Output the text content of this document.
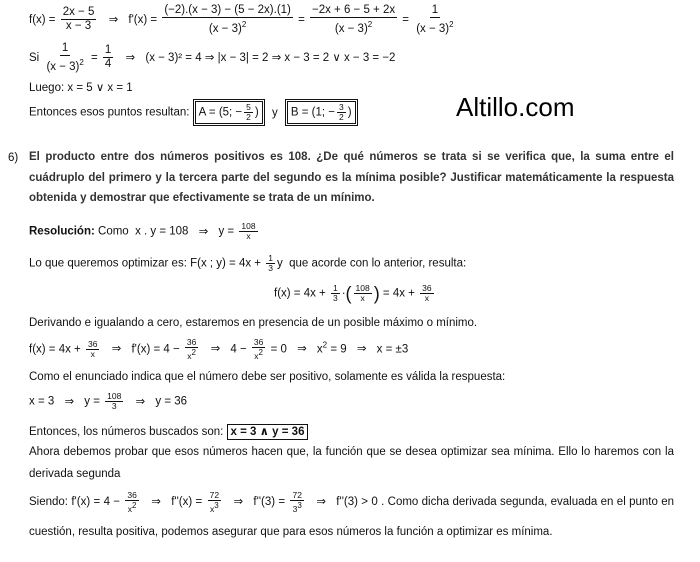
Altillo.com
$f(x) = \frac{2x - 5}{x - 3}$ ⇒ $f'(x) = \frac{(-2).(x - 3) - (5 - 2x).(1)}{(x - 3)^2} = \frac{-2x + 6 - 5 + 2x}{(x - 3)^2} = \frac{1}{(x - 3)^2}$
Si $\frac{1}{(x - 3)^2} = \frac{1}{4}$ ⇒ (x − 3)² = 4 ⇒ |x − 3| = 2 ⇒ x − 3 = 2 ∨ x − 3 = −2
Luego: x = 5 ∨ x = 1
Entonces esos puntos resultan: A = (5; − $\frac{5}{2}$ ) y B = (1; − $\frac{3}{2}$ )
6) El producto entre dos números positivos es 108. ¿De qué números se trata si se verifica que, la suma entre el cuádruplo del primero y la tercera parte del segundo es la mínima posible? Justificar matemáticamente la respuesta obtenida y demostrar que efectivamente se trata de un mínimo.
Resolución: Como  x . y = 108 ⇒ $y = \frac{108}{x}$
Lo que queremos optimizar es: F(x ; $y) = 4x + \frac{1}{3}$ y  que acorde con lo anterior, resulta:
$f(x) = 4x + \frac{1}{3}$ ·( $\frac{108}{x}$ ) = $4x + \frac{36}{x}$
Derivando e igualando a cero, estaremos en presencia de un posible máximo o mínimo.
$f(x) = 4x + \frac{36}{x}$ ⇒ $f'(x) = 4 - \frac{36}{x^2}$ ⇒ $4 - \frac{36}{x^2} = 0$ ⇒ $x^2 = 9$ ⇒ x = ±3
Como el enunciado indica que el número debe ser positivo, solamente es válida la respuesta:
x = 3 ⇒ $y = \frac{108}{3}$ ⇒ y = 36
Entonces, los números buscados son: x = 3 ∧ y = 36
Ahora debemos probar que esos números hacen que, la función que se desea optimizar sea mínima. Ello lo haremos con la derivada segunda
Siendo: $f'(x) = 4 - \frac{36}{x^2}$ ⇒ $f''(x) = \frac{72}{x^3}$ ⇒ $f''(3) = \frac{72}{3^3}$ ⇒ f''(3) > 0 . Como dicha derivada segunda, evaluada en el punto en cuestión, resulta positiva, podemos asegurar que para esos números la función a optimizar es mínima.
